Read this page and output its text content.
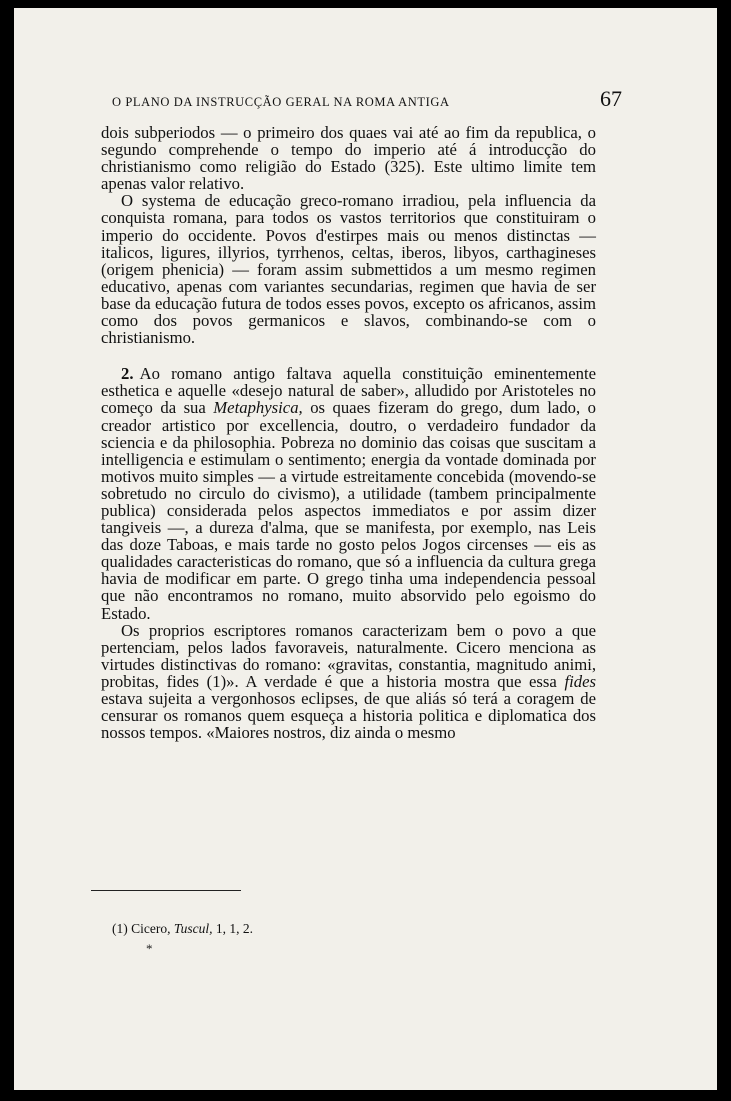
O PLANO DA INSTRUCÇÃO GERAL NA ROMA ANTIGA	67

dois subperiodos — o primeiro dos quaes vai até ao fim da republica, o segundo comprehende o tempo do imperio até á introducção do christianismo como religião do Estado (325). Este ultimo limite tem apenas valor relativo.

O systema de educação greco-romano irradiou, pela influencia da conquista romana, para todos os vastos territorios que constituiram o imperio do occidente. Povos d'estirpes mais ou menos distinctas — italicos, ligures, illyrios, tyrrhenos, celtas, iberos, libyos, carthagineses (origem phenicia) — foram assim submettidos a um mesmo regimen educativo, apenas com variantes secundarias, regimen que havia de ser base da educação futura de todos esses povos, excepto os africanos, assim como dos povos germanicos e slavos, combinando-se com o christianismo.

2. Ao romano antigo faltava aquella constituição eminentemente esthetica e aquelle «desejo natural de saber», alludido por Aristoteles no começo da sua Metaphysica, os quaes fizeram do grego, dum lado, o creador artistico por excellencia, doutro, o verdadeiro fundador da sciencia e da philosophia. Pobreza no dominio das coisas que suscitam a intelligencia e estimulam o sentimento; energia da vontade dominada por motivos muito simples — a virtude estreitamente concebida (movendo-se sobretudo no circulo do civismo), a utilidade (tambem principalmente publica) considerada pelos aspectos immediatos e por assim dizer tangiveis —, a dureza d'alma, que se manifesta, por exemplo, nas Leis das doze Taboas, e mais tarde no gosto pelos Jogos circenses — eis as qualidades caracteristicas do romano, que só a influencia da cultura grega havia de modificar em parte. O grego tinha uma independencia pessoal que não encontramos no romano, muito absorvido pelo egoismo do Estado.

Os proprios escriptores romanos caracterizam bem o povo a que pertenciam, pelos lados favoraveis, naturalmente. Cicero menciona as virtudes distinctivas do romano: «gravitas, constantia, magnitudo animi, probitas, fides (1)». A verdade é que a historia mostra que essa fides estava sujeita a vergonhosos eclipses, de que aliás só terá a coragem de censurar os romanos quem esqueça a historia politica e diplomatica dos nossos tempos. «Maiores nostros, diz ainda o mesmo

(1) Cicero, Tuscul, 1, 1, 2.
*
